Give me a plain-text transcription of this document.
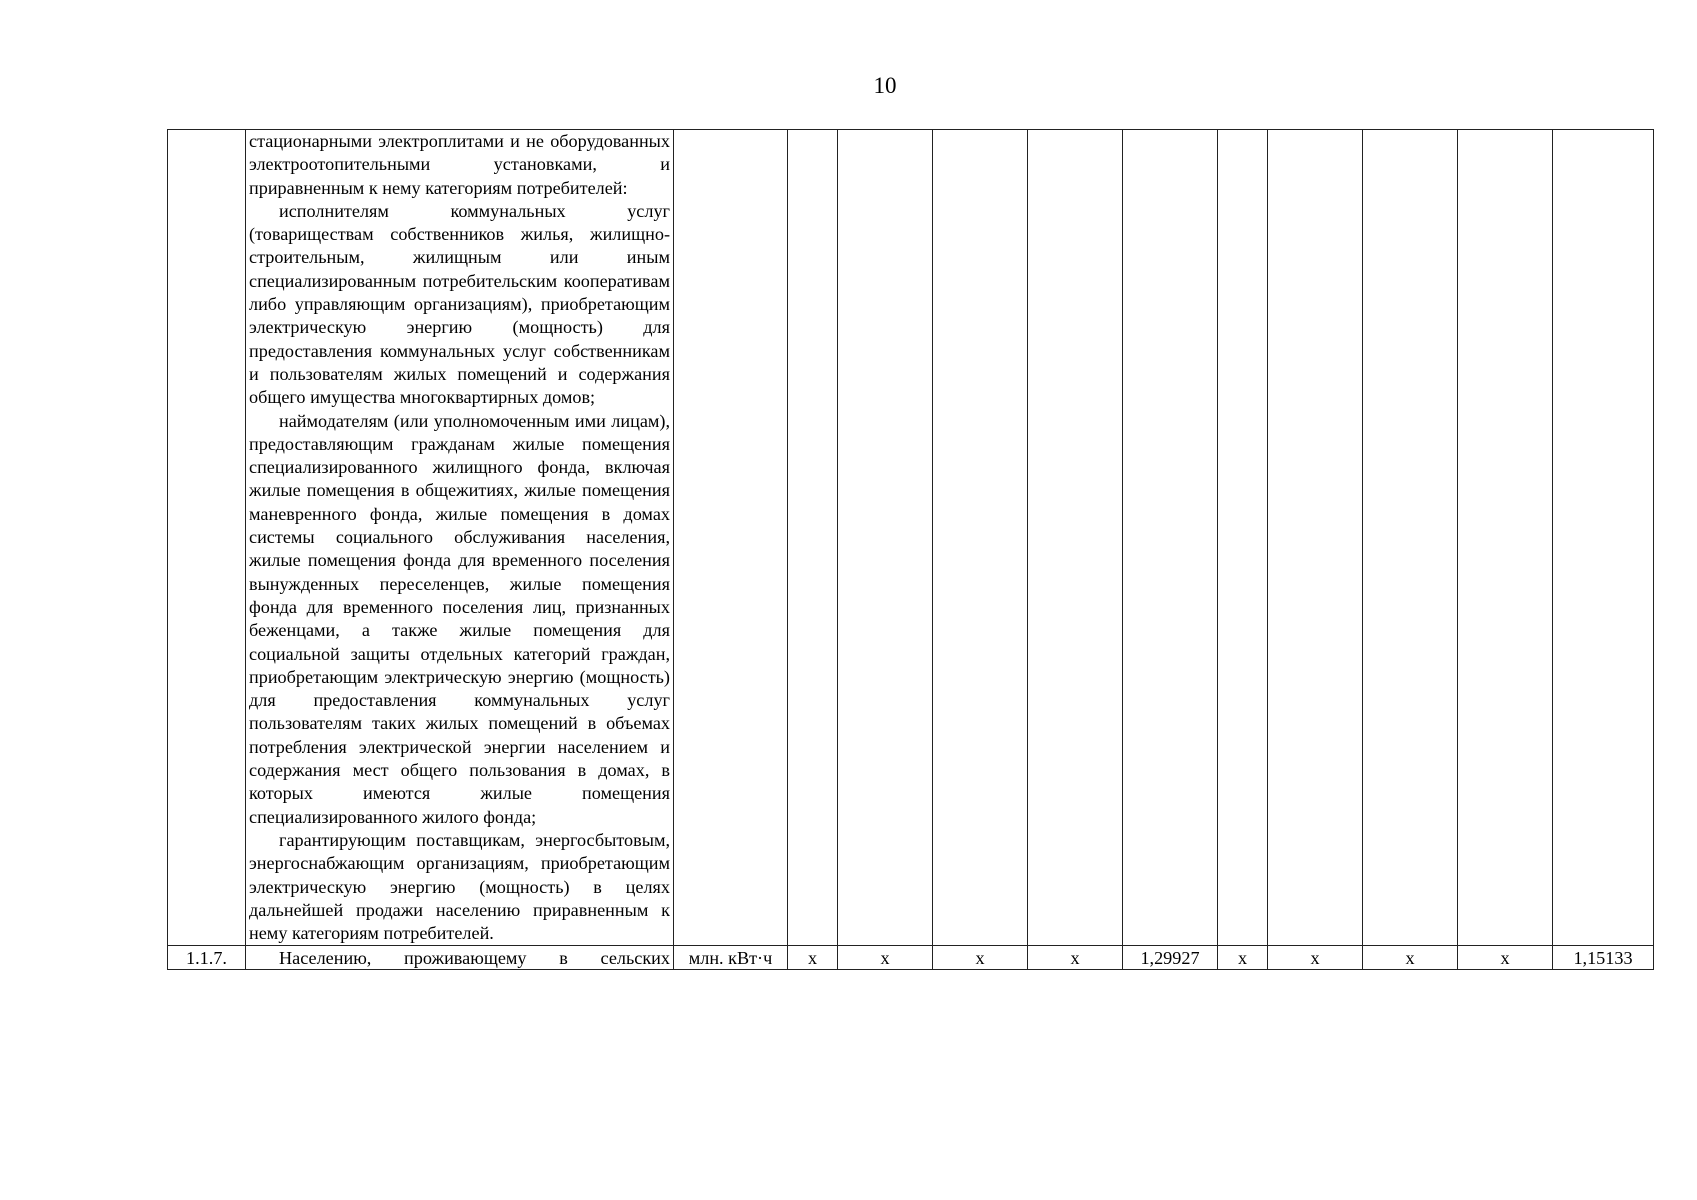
10

	стационарными электроплитами и не оборудованных электроотопительными установками, и приравненным к нему категориям потребителей:

исполнителям коммунальных услуг (товариществам собственников жилья, жилищно-строительным, жилищным или иным специализированным потребительским кооперативам либо управляющим организациям), приобретающим электрическую энергию (мощность) для предоставления коммунальных услуг собственникам и пользователям жилых помещений и содержания общего имущества многоквартирных домов;

наймодателям (или уполномоченным ими лицам), предоставляющим гражданам жилые помещения специализированного жилищного фонда, включая жилые помещения в общежитиях, жилые помещения маневренного фонда, жилые помещения в домах системы социального обслуживания населения, жилые помещения фонда для временного поселения вынужденных переселенцев, жилые помещения фонда для временного поселения лиц, признанных беженцами, а также жилые помещения для социальной защиты отдельных категорий граждан, приобретающим электрическую энергию (мощность) для предоставления коммунальных услуг пользователям таких жилых помещений в объемах потребления электрической энергии населением и содержания мест общего пользования в домах, в которых имеются жилые помещения специализированного жилого фонда;

гарантирующим поставщикам, энергосбытовым, энергоснабжающим организациям, приобретающим электрическую энергию (мощность) в целях дальнейшей продажи населению приравненным к нему категориям потребителей.											

1.1.7.	Населению, проживающему в сельских	млн. кВт·ч	х	х	х	х	1,29927	х	х	х	х	1,15133
